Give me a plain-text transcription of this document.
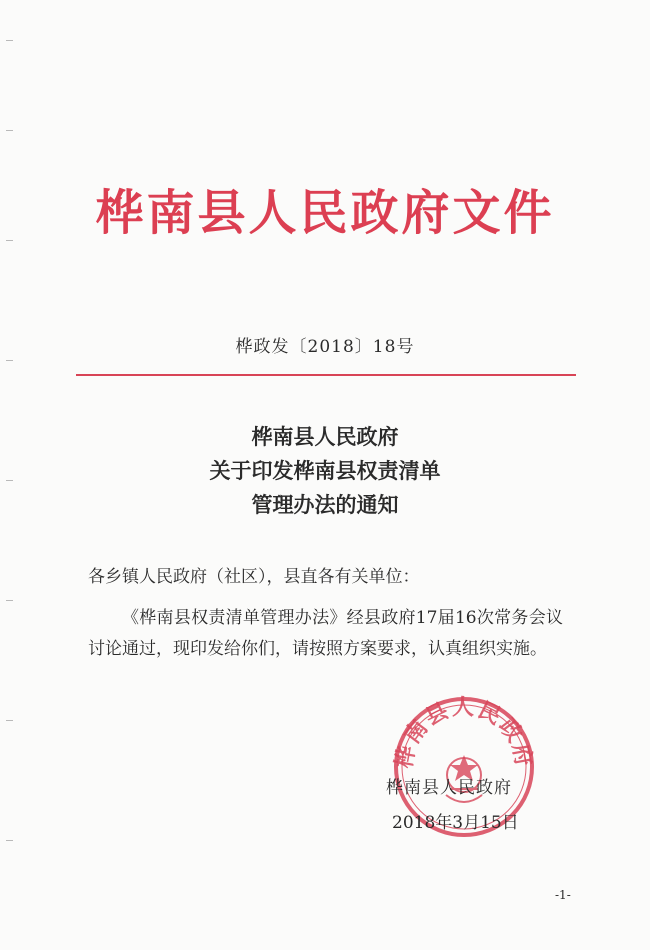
桦南县人民政府文件
桦政发〔2018〕18号
桦南县人民政府
关于印发桦南县权责清单
管理办法的通知
各乡镇人民政府（社区），县直各有关单位：
《桦南县权责清单管理办法》经县政府17届16次常务会议讨论通过，现印发给你们，请按照方案要求，认真组织实施。
桦南县人民政府
桦南县人民政府
2018年3月15日
-1-
